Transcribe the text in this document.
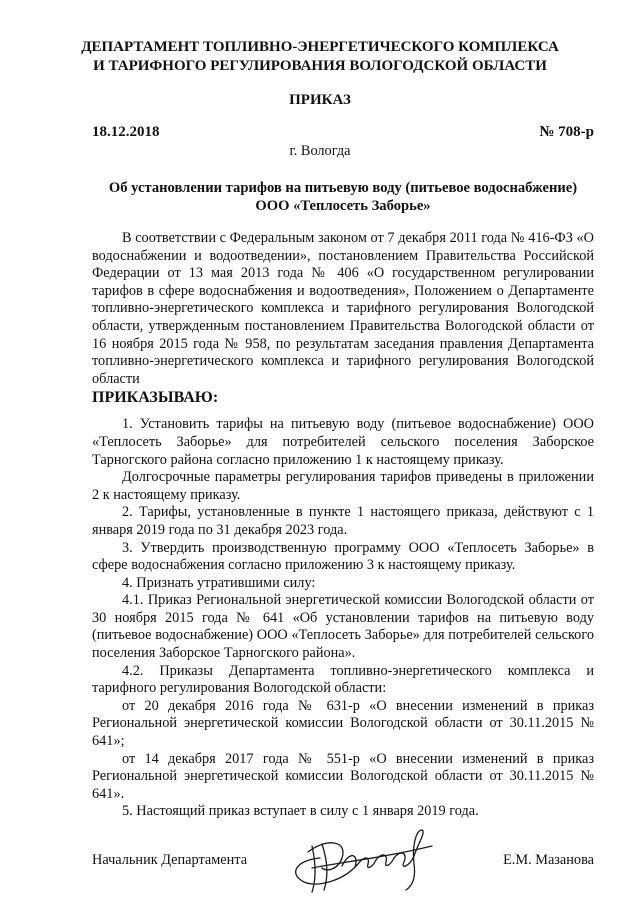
ДЕПАРТАМЕНТ ТОПЛИВНО-ЭНЕРГЕТИЧЕСКОГО КОМПЛЕКСА
И ТАРИФНОГО РЕГУЛИРОВАНИЯ ВОЛОГОДСКОЙ ОБЛАСТИ
ПРИКАЗ
18.12.2018	№ 708-р
г. Вологда
Об установлении тарифов на питьевую воду (питьевое водоснабжение)
ООО «Теплосеть Заборье»

В соответствии с Федеральным законом от 7 декабря 2011 года № 416-ФЗ «О водоснабжении и водоотведении», постановлением Правительства Российской Федерации от 13 мая 2013 года № 406 «О государственном регулировании тарифов в сфере водоснабжения и водоотведения», Положением о Департаменте топливно-энергетического комплекса и тарифного регулирования Вологодской области, утвержденным постановлением Правительства Вологодской области от 16 ноября 2015 года № 958, по результатам заседания правления Департамента топливно-энергетического комплекса и тарифного регулирования Вологодской области

ПРИКАЗЫВАЮ:

1. Установить тарифы на питьевую воду (питьевое водоснабжение) ООО «Теплосеть Заборье» для потребителей сельского поселения Заборское Тарногского района согласно приложению 1 к настоящему приказу.

Долгосрочные параметры регулирования тарифов приведены в приложении 2 к настоящему приказу.

2. Тарифы, установленные в пункте 1 настоящего приказа, действуют с 1 января 2019 года по 31 декабря 2023 года.

3. Утвердить производственную программу ООО «Теплосеть Заборье» в сфере водоснабжения согласно приложению 3 к настоящему приказу.

4. Признать утратившими силу:

4.1. Приказ Региональной энергетической комиссии Вологодской области от 30 ноября 2015 года № 641 «Об установлении тарифов на питьевую воду (питьевое водоснабжение) ООО «Теплосеть Заборье» для потребителей сельского поселения Заборское Тарногского района».

4.2. Приказы Департамента топливно-энергетического комплекса и тарифного регулирования Вологодской области:

от 20 декабря 2016 года № 631-р «О внесении изменений в приказ Региональной энергетической комиссии Вологодской области от 30.11.2015 № 641»;

от 14 декабря 2017 года № 551-р «О внесении изменений в приказ Региональной энергетической комиссии Вологодской области от 30.11.2015 № 641».

5. Настоящий приказ вступает в силу с 1 января 2019 года.

Начальник Департамента	Е.М. Мазанова
